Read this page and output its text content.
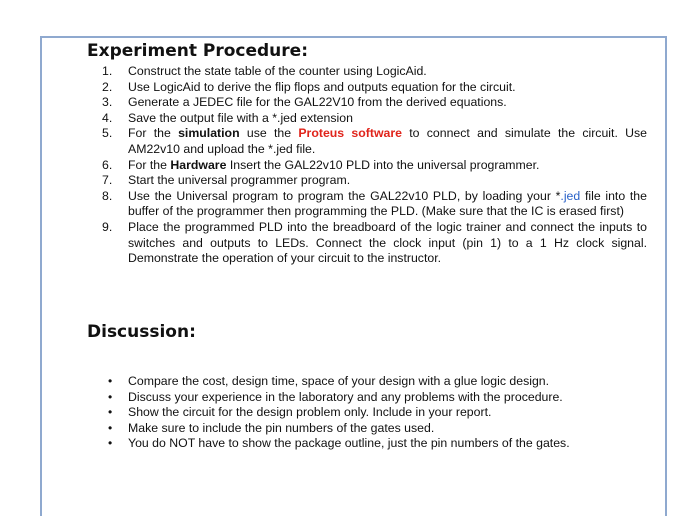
Experiment Procedure:
1. Construct the state table of the counter using LogicAid.
2. Use LogicAid to derive the flip flops and outputs equation for the circuit.
3. Generate a JEDEC file for the GAL22V10 from the derived equations.
4. Save the output file with a *.jed extension
5. For the simulation use the Proteus software to connect and simulate the circuit. Use AM22v10 and upload the *.jed file.
6. For the Hardware Insert the GAL22v10 PLD into the universal programmer.
7. Start the universal programmer program.
8. Use the Universal program to program the GAL22v10 PLD, by loading your *.jed file into the buffer of the programmer then programming the PLD. (Make sure that the IC is erased first)
9. Place the programmed PLD into the breadboard of the logic trainer and connect the inputs to switches and outputs to LEDs. Connect the clock input (pin 1) to a 1 Hz clock signal. Demonstrate the operation of your circuit to the instructor.
Discussion:
• Compare the cost, design time, space of your design with a glue logic design.
• Discuss your experience in the laboratory and any problems with the procedure.
• Show the circuit for the design problem only. Include in your report.
• Make sure to include the pin numbers of the gates used.
• You do NOT have to show the package outline, just the pin numbers of the gates.
